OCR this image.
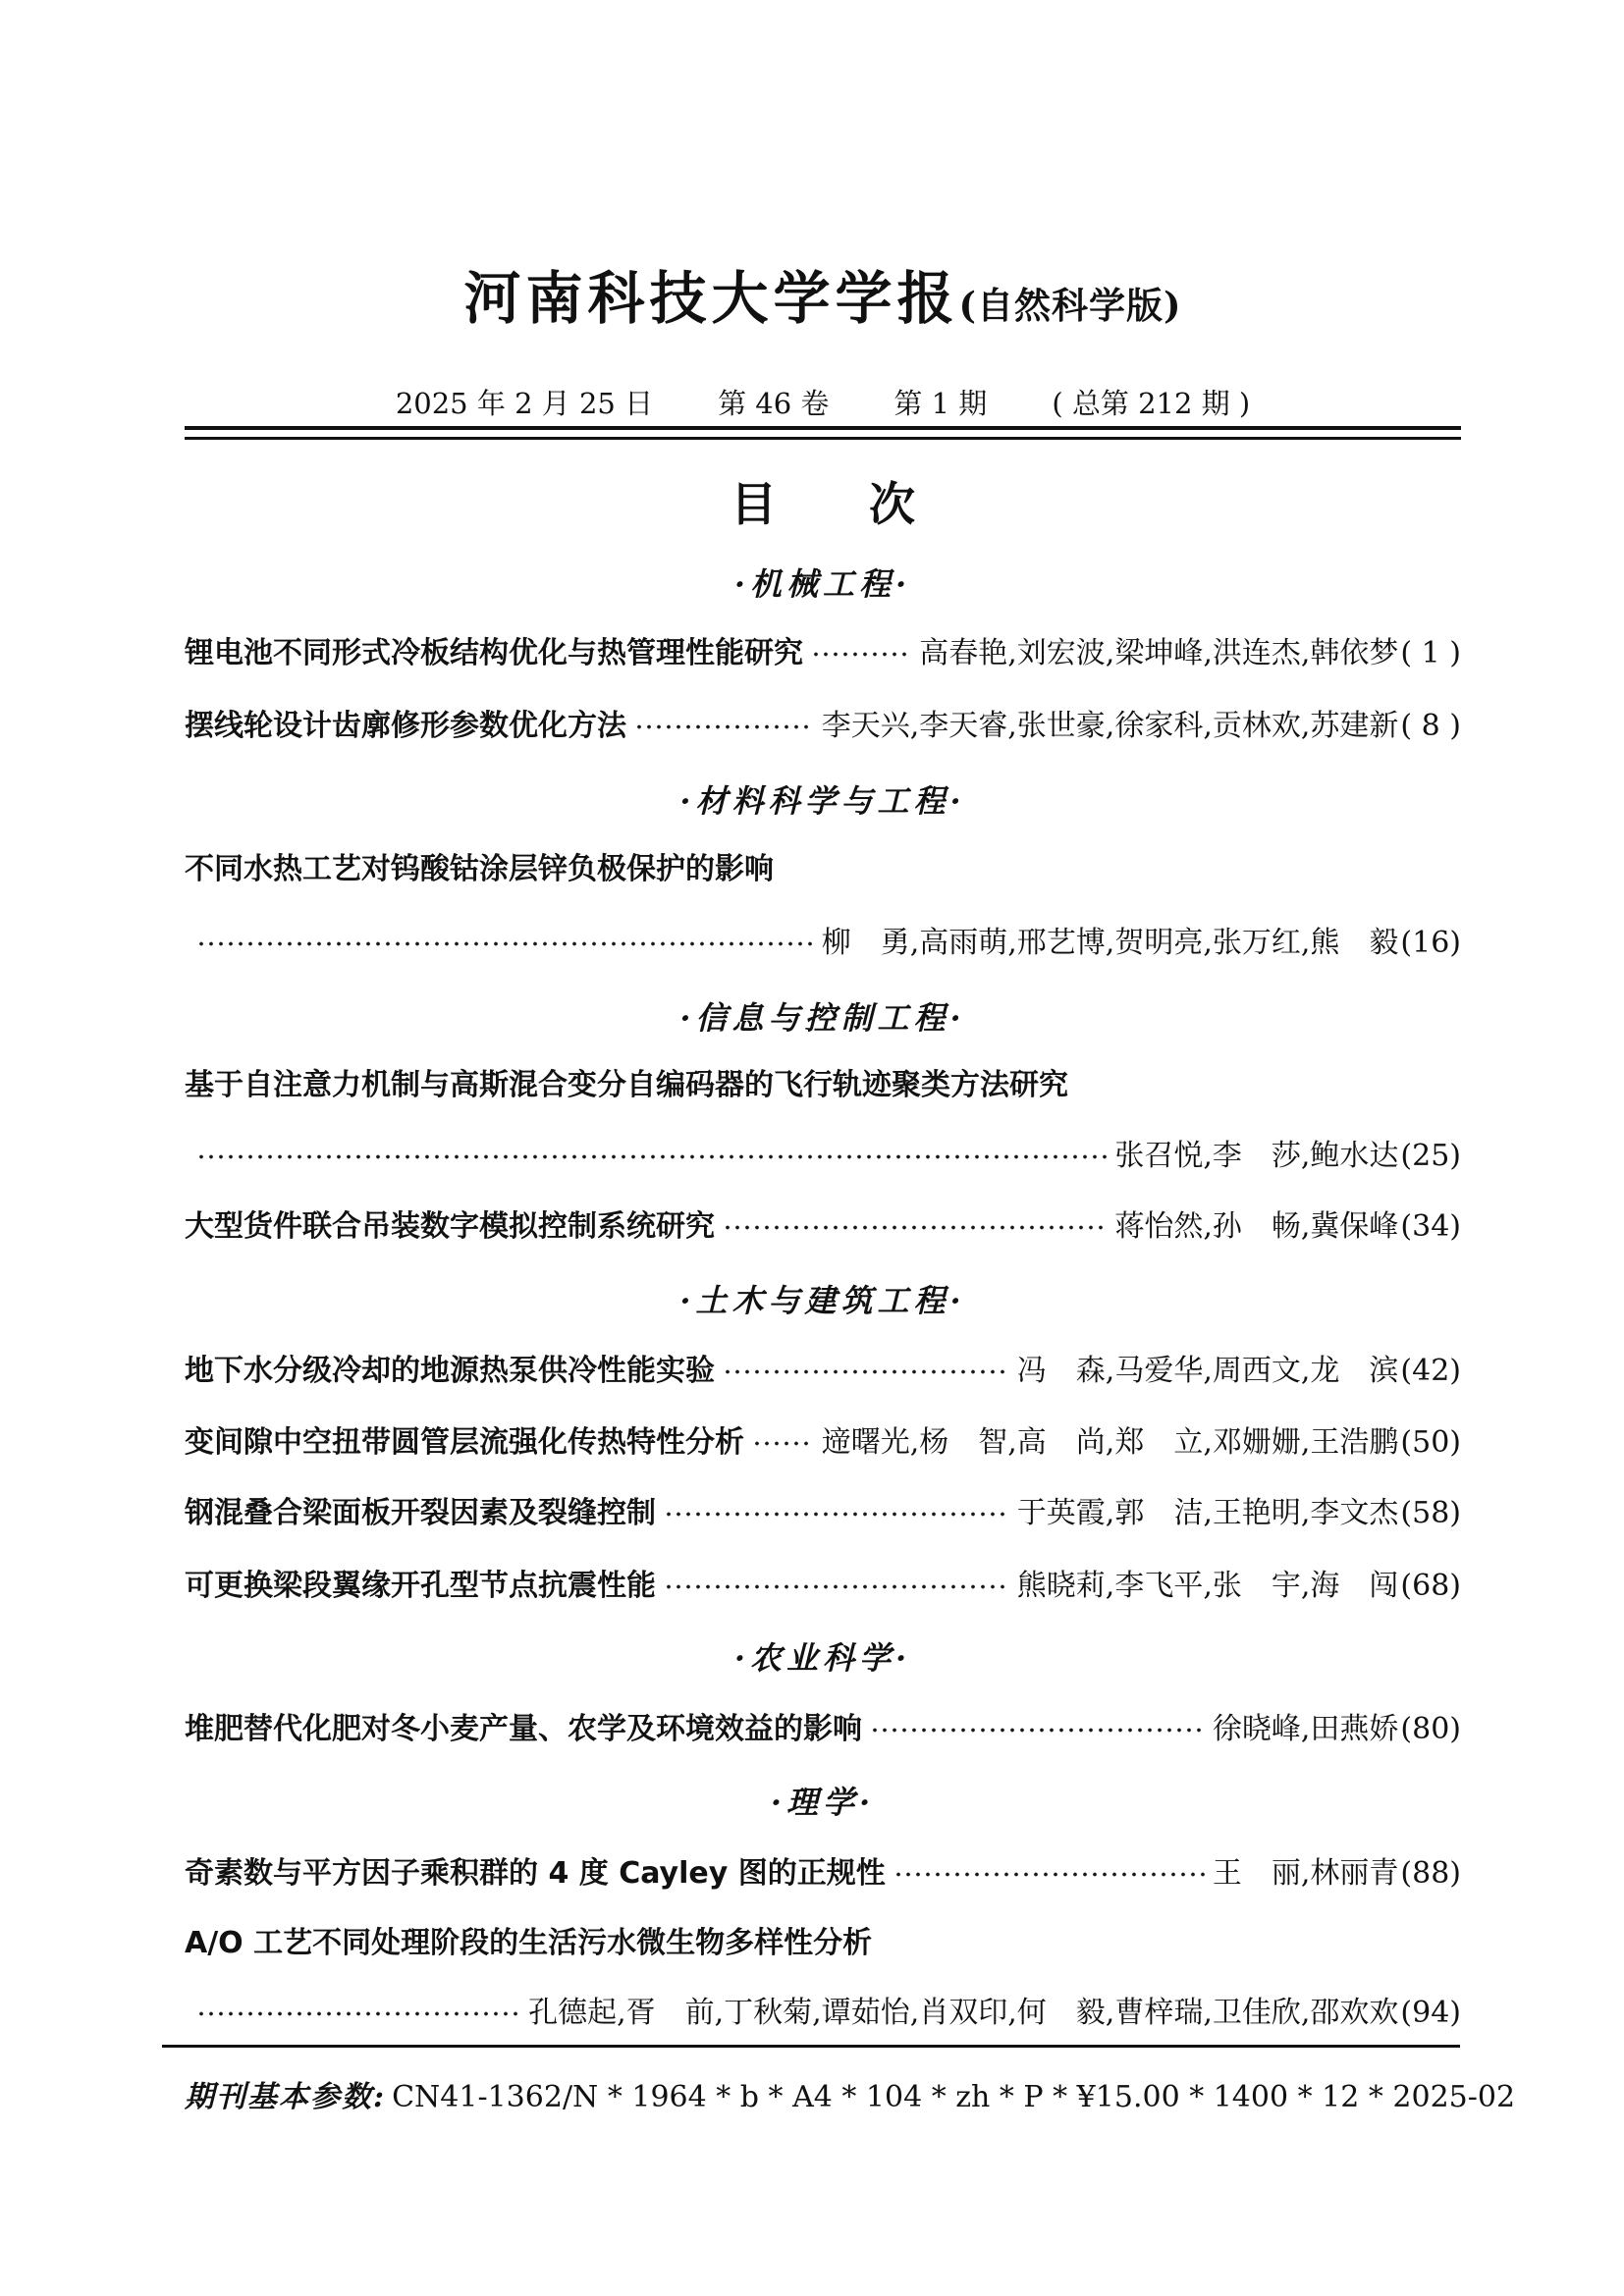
河南科技大学学报(自然科学版)
2025 年 2 月 25 日 第 46 卷 第 1 期 ( 总第 212 期 )
目　　次
·机械工程·
锂电池不同形式冷板结构优化与热管理性能研究	高春艳,刘宏波,梁坤峰,洪连杰,韩依梦 ( 1 )
摆线轮设计齿廓修形参数优化方法	李天兴,李天睿,张世豪,徐家科,贡林欢,苏建新 ( 8 )
·材料科学与工程·
不同水热工艺对钨酸钴涂层锌负极保护的影响
柳　勇,高雨萌,邢艺博,贺明亮,张万红,熊　毅 (16)
·信息与控制工程·
基于自注意力机制与高斯混合变分自编码器的飞行轨迹聚类方法研究
张召悦,李　莎,鲍水达 (25)
大型货件联合吊装数字模拟控制系统研究	蒋怡然,孙　畅,冀保峰 (34)
·土木与建筑工程·
地下水分级冷却的地源热泵供冷性能实验	冯　森,马爱华,周西文,龙　滨 (42)
变间隙中空扭带圆管层流强化传热特性分析	遆曙光,杨　智,高　尚,郑　立,邓姗姗,王浩鹏 (50)
钢混叠合梁面板开裂因素及裂缝控制	于英霞,郭　洁,王艳明,李文杰 (58)
可更换梁段翼缘开孔型节点抗震性能	熊晓莉,李飞平,张　宇,海　闯 (68)
·农业科学·
堆肥替代化肥对冬小麦产量、农学及环境效益的影响	徐晓峰,田燕娇 (80)
·理学·
奇素数与平方因子乘积群的 4 度 Cayley 图的正规性	王　丽,林丽青 (88)
A/O 工艺不同处理阶段的生活污水微生物多样性分析
孔德起,胥　前,丁秋菊,谭茹怡,肖双印,何　毅,曹梓瑞,卫佳欣,邵欢欢 (94)
期刊基本参数: CN41-1362/N * 1964 * b * A4 * 104 * zh * P * ¥15.00 * 1400 * 12 * 2025-02
